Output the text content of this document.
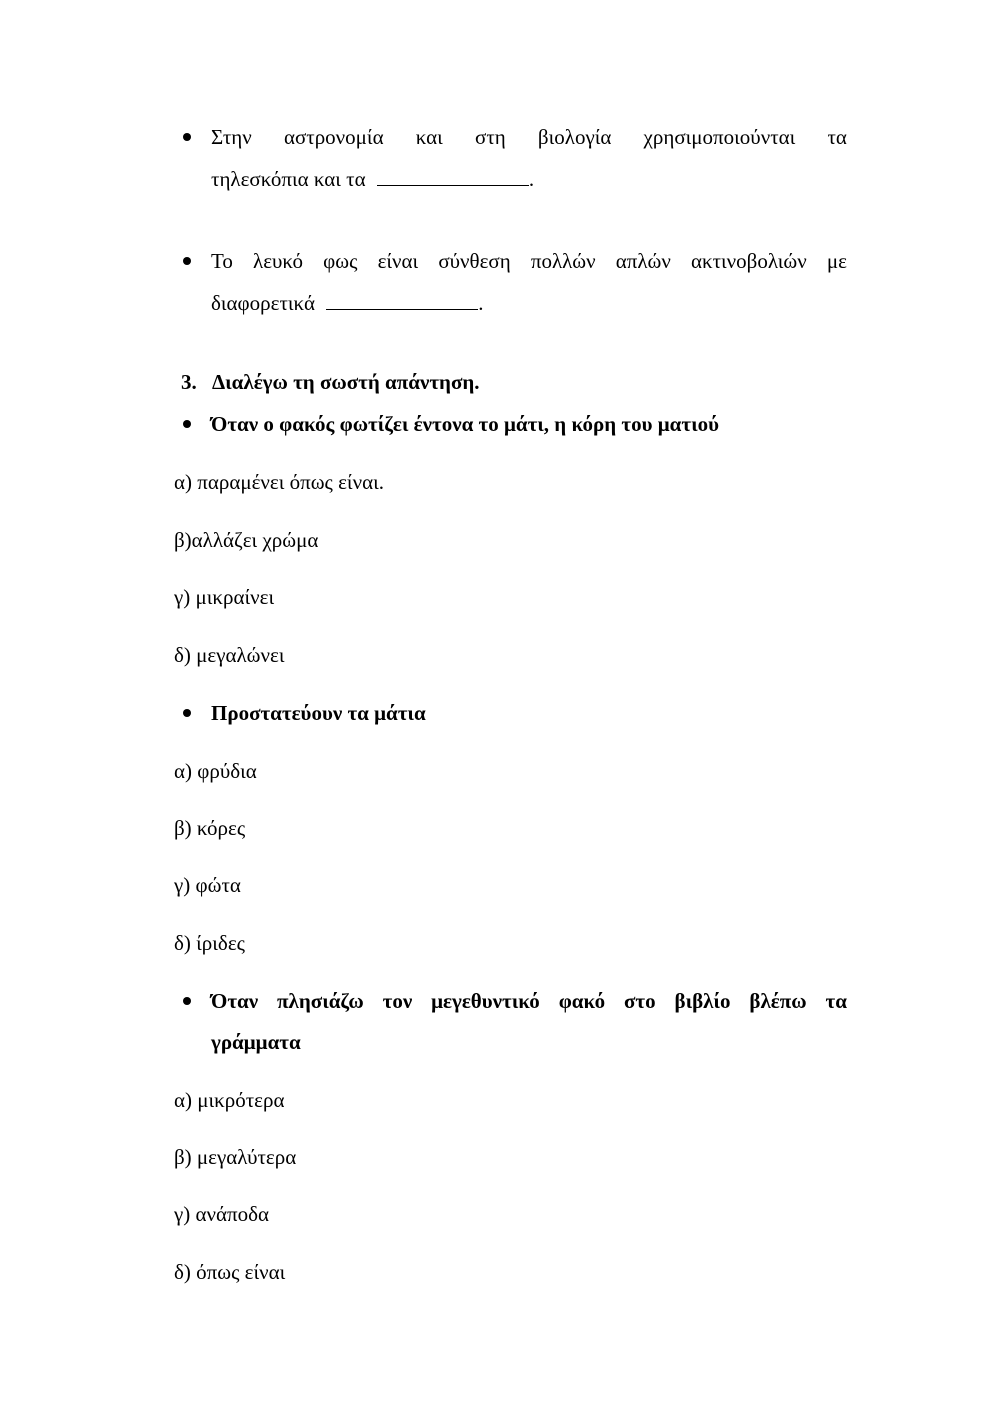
Στην αστρονομία και στη βιολογία χρησιμοποιούνται τα
τηλεσκόπια και τα	.
Το λευκό φως είναι σύνθεση πολλών απλών ακτινοβολιών με
διαφορετικά	.
3. Διαλέγω τη σωστή απάντηση.
Όταν ο φακός φωτίζει έντονα το μάτι, η κόρη του ματιού
α) παραμένει όπως είναι.
β)αλλάζει χρώμα
γ) μικραίνει
δ) μεγαλώνει
Προστατεύουν τα μάτια
α) φρύδια
β) κόρες
γ) φώτα
δ) ίριδες
Όταν πλησιάζω τον μεγεθυντικό φακό στο βιβλίο βλέπω τα
γράμματα
α) μικρότερα
β) μεγαλύτερα
γ) ανάποδα
δ) όπως είναι
